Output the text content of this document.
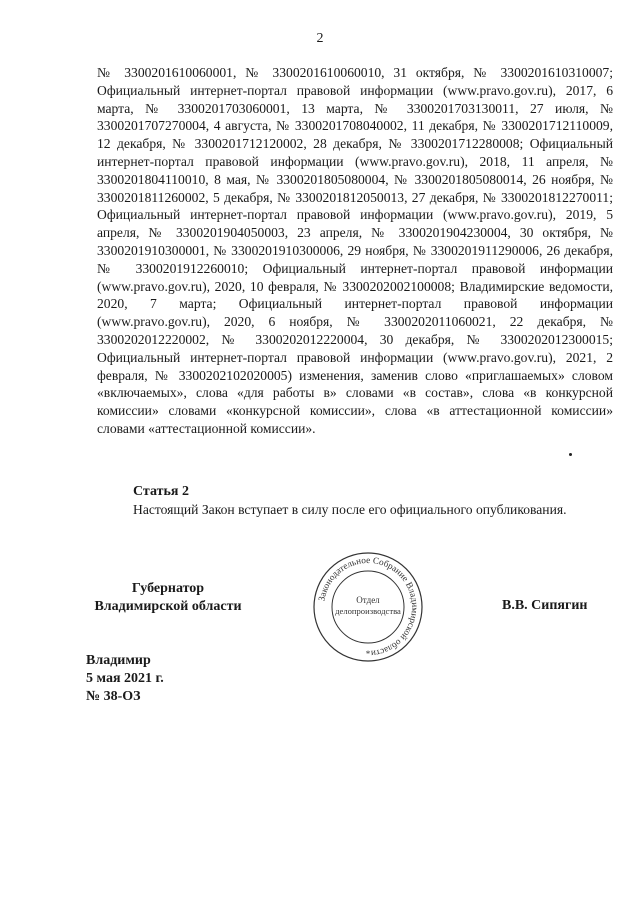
2

№ 3300201610060001, № 3300201610060010, 31 октября, № 3300201610310007; Официальный интернет-портал правовой информации (www.pravo.gov.ru), 2017, 6 марта, № 3300201703060001, 13 марта, № 3300201703130011, 27 июля, № 3300201707270004, 4 августа, № 3300201708040002, 11 декабря, № 3300201712110009, 12 декабря, № 3300201712120002, 28 декабря, № 3300201712280008; Официальный интернет-портал правовой информации (www.pravo.gov.ru), 2018, 11 апреля, № 3300201804110010, 8 мая, № 3300201805080004, № 3300201805080014, 26 ноября, № 3300201811260002, 5 декабря, № 3300201812050013, 27 декабря, № 3300201812270011; Официальный интернет-портал правовой информации (www.pravo.gov.ru), 2019, 5 апреля, № 3300201904050003, 23 апреля, № 3300201904230004, 30 октября, № 3300201910300001, № 3300201910300006, 29 ноября, № 3300201911290006, 26 декабря, № 3300201912260010; Официальный интернет-портал правовой информации (www.pravo.gov.ru), 2020, 10 февраля, № 3300202002100008; Владимирские ведомости, 2020, 7 марта; Официальный интернет-портал правовой информации (www.pravo.gov.ru), 2020, 6 ноября, № 3300202011060021, 22 декабря, № 3300202012220002, № 3300202012220004, 30 декабря, № 3300202012300015; Официальный интернет-портал правовой информации (www.pravo.gov.ru), 2021, 2 февраля, № 3300202102020005) изменения, заменив слово «приглашаемых» словом «включаемых», слова «для работы в» словами «в состав», слова «в конкурсной комиссии» словами «конкурсной комиссии», слова «в аттестационной комиссии» словами «аттестационной комиссии».

Статья 2

Настоящий Закон вступает в силу после его официального опубликования.

Губернатор
Владимирской области
Законодательное Собрание Владимирской области
Отдел
делопроизводства
*
В.В. Сипягин
Владимир
5 мая 2021 г.
№ 38-ОЗ
